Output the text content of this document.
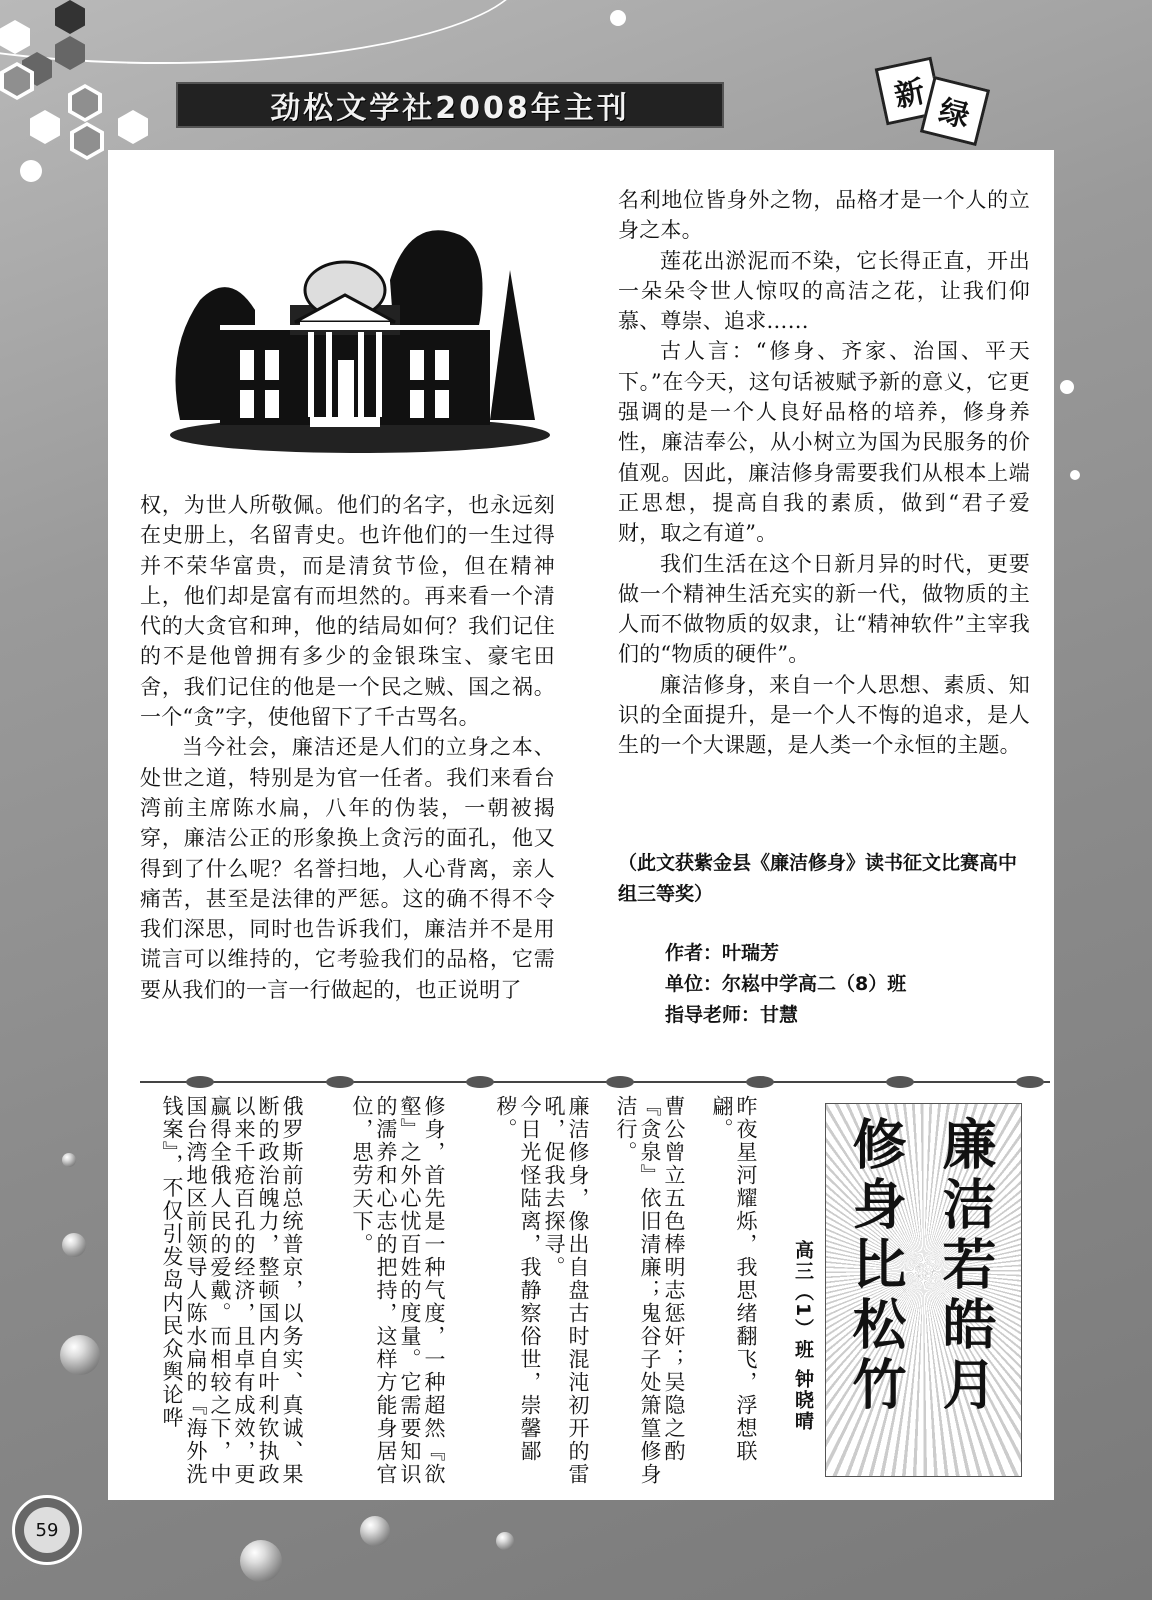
劲松文学社2008年主刊	新 绿

权，为世人所敬佩。他们的名字，也永远刻在史册上，名留青史。也许他们的一生过得并不荣华富贵，而是清贫节俭，但在精神上，他们却是富有而坦然的。再来看一个清代的大贪官和珅，他的结局如何？我们记住的不是他曾拥有多少的金银珠宝、豪宅田舍，我们记住的他是一个民之贼、国之祸。一个“贪”字，使他留下了千古骂名。

当今社会，廉洁还是人们的立身之本、处世之道，特别是为官一任者。我们来看台湾前主席陈水扁，八年的伪装，一朝被揭穿，廉洁公正的形象换上贪污的面孔，他又得到了什么呢？名誉扫地，人心背离，亲人痛苦，甚至是法律的严惩。这的确不得不令我们深思，同时也告诉我们，廉洁并不是用谎言可以维持的，它考验我们的品格，它需要从我们的一言一行做起的，也正说明了

名利地位皆身外之物，品格才是一个人的立身之本。

莲花出淤泥而不染，它长得正直，开出一朵朵令世人惊叹的高洁之花，让我们仰慕、尊崇、追求……

古人言：“修身、齐家、治国、平天下。”在今天，这句话被赋予新的意义，它更强调的是一个人良好品格的培养，修身养性，廉洁奉公，从小树立为国为民服务的价值观。因此，廉洁修身需要我们从根本上端正思想，提高自我的素质，做到“君子爱财，取之有道”。

我们生活在这个日新月异的时代，更要做一个精神生活充实的新一代，做物质的主人而不做物质的奴隶，让“精神软件”主宰我们的“物质的硬件”。

廉洁修身，来自一个人思想、素质、知识的全面提升，是一个人不悔的追求，是人生的一个大课题，是人类一个永恒的主题。

（此文获紫金县《廉洁修身》读书征文比赛高中组三等奖）
作者：叶瑞芳
单位：尔崧中学高二（8）班
指导老师：甘慧
廉洁若皓月
修身比松竹
高三（1）班 钟晓晴
昨夜星河耀烁，我思绪翻飞，浮想联翩。
曹公曾立五色棒明志惩奸；吴隐之酌『贪泉』依旧清廉；鬼谷子处箫篁修身洁行。
廉洁修身，像出自盘古时混沌初开的雷吼，促我去探寻。
今日光怪陆离，我静察俗世，崇馨鄙秽。
修身，首先是一种气度，一种超然『欲壑』之外心忧百姓的度量。它需要知识的濡养和心志的把持，这样方能身居官位，思劳天下。
俄罗斯前总统普京，以务实、真诚、果断的政治魄力，整顿国内自叶利钦执政以来千疮百孔的经济，且卓有成效，更赢得全俄人民的爱戴。而相较之下，中国台湾地区前领导人陈水扁的『海外洗钱案』，不仅引发岛内民众舆论哗
59
